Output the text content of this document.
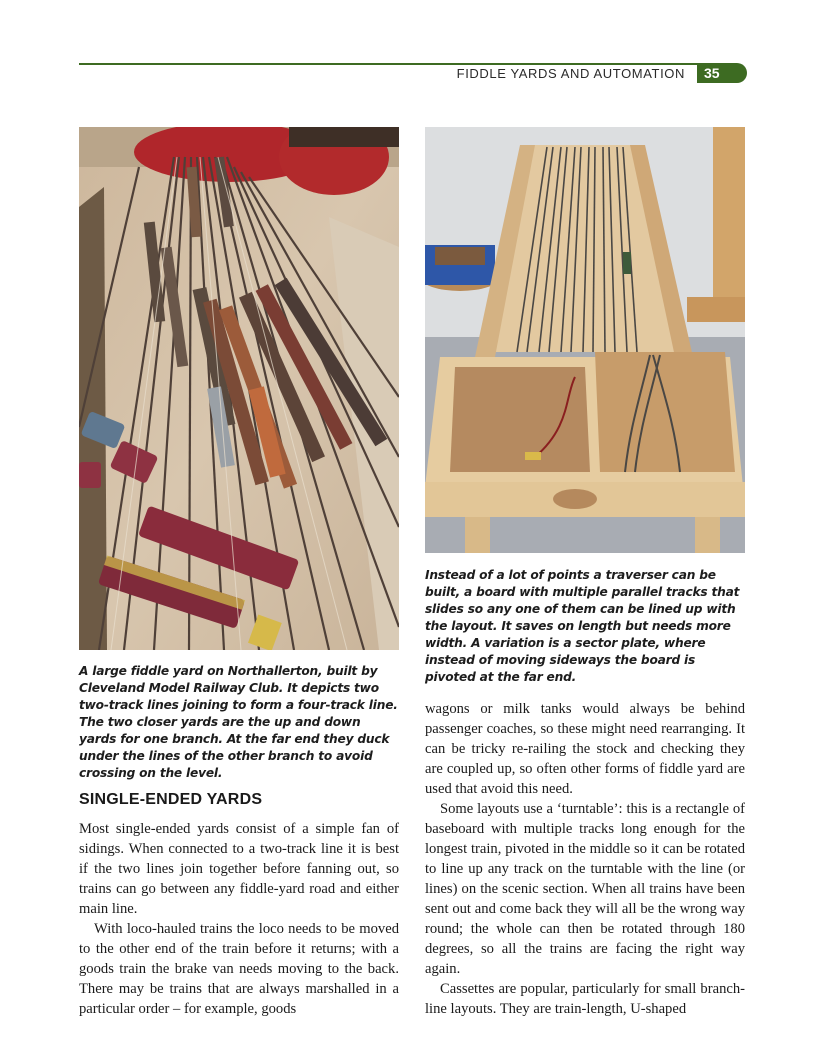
FIDDLE YARDS AND AUTOMATION	35
A large fiddle yard on Northallerton, built by Cleveland Model Railway Club. It depicts two two-track lines joining to form a four-track line. The two closer yards are the up and down yards for one branch. At the far end they duck under the lines of the other branch to avoid crossing on the level.
Instead of a lot of points a traverser can be built, a board with multiple parallel tracks that slides so any one of them can be lined up with the layout. It saves on length but needs more width. A variation is a sector plate, where instead of moving sideways the board is pivoted at the far end.
SINGLE-ENDED YARDS

Most single-ended yards consist of a simple fan of sidings. When connected to a two-track line it is best if the two lines join together before fanning out, so trains can go between any fiddle-yard road and either main line.

With loco-hauled trains the loco needs to be moved to the other end of the train before it returns; with a goods train the brake van needs moving to the back. There may be trains that are always marshalled in a particular order – for example, goods

wagons or milk tanks would always be behind passenger coaches, so these might need rearranging. It can be tricky re-railing the stock and checking they are coupled up, so often other forms of fiddle yard are used that avoid this need.

Some layouts use a ‘turntable’: this is a rectangle of baseboard with multiple tracks long enough for the longest train, pivoted in the middle so it can be rotated to line up any track on the turntable with the line (or lines) on the scenic section. When all trains have been sent out and come back they will all be the wrong way round; the whole can then be rotated through 180 degrees, so all the trains are facing the right way again.

Cassettes are popular, particularly for small branch-line layouts. They are train-length, U-shaped
